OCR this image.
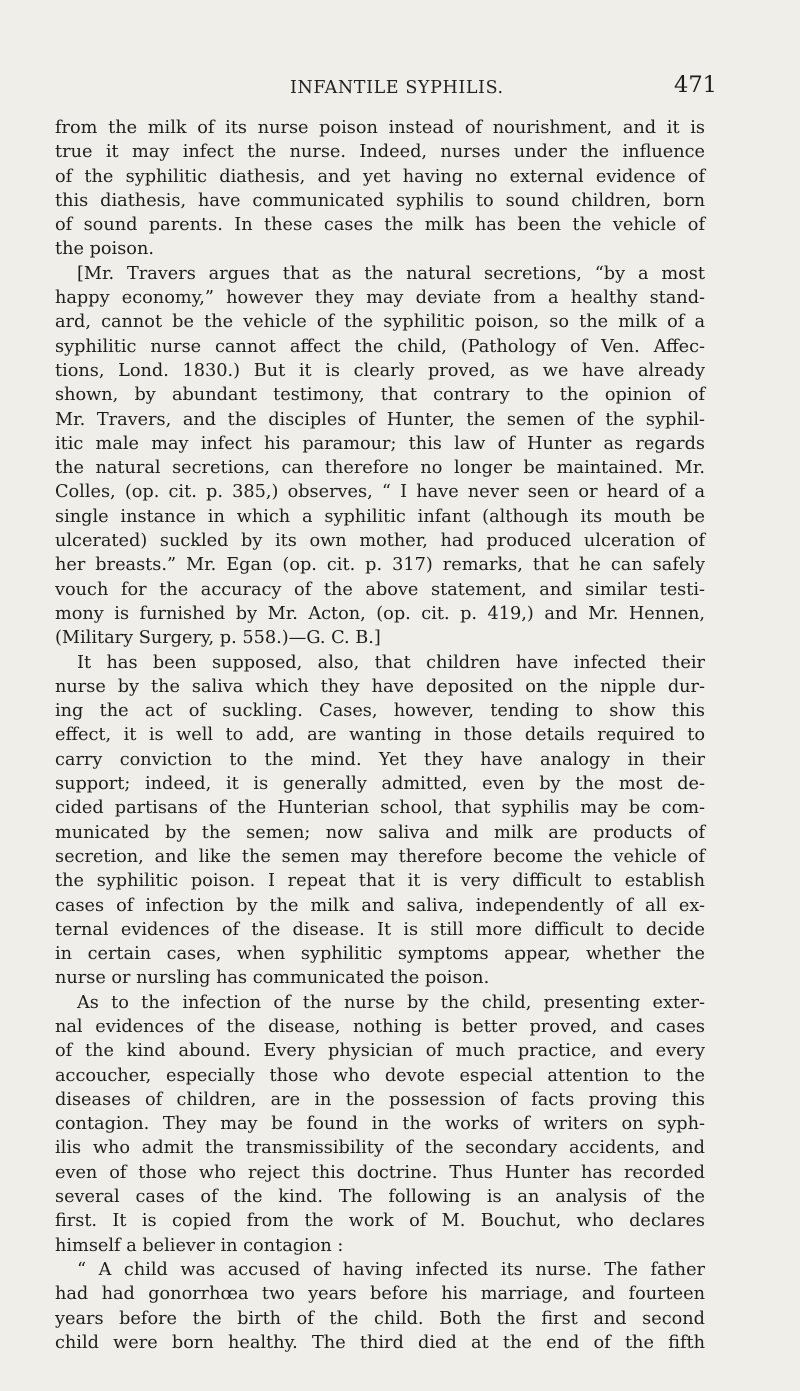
INFANTILE SYPHILIS.	471
from the milk of its nurse poison instead of nourishment, and it is
true it may infect the nurse. Indeed, nurses under the influence
of the syphilitic diathesis, and yet having no external evidence of
this diathesis, have communicated syphilis to sound children, born
of sound parents. In these cases the milk has been the vehicle of
the poison.
[Mr. Travers argues that as the natural secretions, “by a most
happy economy,” however they may deviate from a healthy stand-
ard, cannot be the vehicle of the syphilitic poison, so the milk of a
syphilitic nurse cannot affect the child, (Pathology of Ven. Affec-
tions, Lond. 1830.) But it is clearly proved, as we have already
shown, by abundant testimony, that contrary to the opinion of
Mr. Travers, and the disciples of Hunter, the semen of the syphil-
itic male may infect his paramour; this law of Hunter as regards
the natural secretions, can therefore no longer be maintained. Mr.
Colles, (op. cit. p. 385,) observes, “ I have never seen or heard of a
single instance in which a syphilitic infant (although its mouth be
ulcerated) suckled by its own mother, had produced ulceration of
her breasts.” Mr. Egan (op. cit. p. 317) remarks, that he can safely
vouch for the accuracy of the above statement, and similar testi-
mony is furnished by Mr. Acton, (op. cit. p. 419,) and Mr. Hennen,
(Military Surgery, p. 558.)—G. C. B.]
It has been supposed, also, that children have infected their
nurse by the saliva which they have deposited on the nipple dur-
ing the act of suckling. Cases, however, tending to show this
effect, it is well to add, are wanting in those details required to
carry conviction to the mind. Yet they have analogy in their
support; indeed, it is generally admitted, even by the most de-
cided partisans of the Hunterian school, that syphilis may be com-
municated by the semen; now saliva and milk are products of
secretion, and like the semen may therefore become the vehicle of
the syphilitic poison. I repeat that it is very difficult to establish
cases of infection by the milk and saliva, independently of all ex-
ternal evidences of the disease. It is still more difficult to decide
in certain cases, when syphilitic symptoms appear, whether the
nurse or nursling has communicated the poison.
As to the infection of the nurse by the child, presenting exter-
nal evidences of the disease, nothing is better proved, and cases
of the kind abound. Every physician of much practice, and every
accoucher, especially those who devote especial attention to the
diseases of children, are in the possession of facts proving this
contagion. They may be found in the works of writers on syph-
ilis who admit the transmissibility of the secondary accidents, and
even of those who reject this doctrine. Thus Hunter has recorded
several cases of the kind. The following is an analysis of the
first. It is copied from the work of M. Bouchut, who declares
himself a believer in contagion :
“ A child was accused of having infected its nurse. The father
had had gonorrhœa two years before his marriage, and fourteen
years before the birth of the child. Both the first and second
child were born healthy. The third died at the end of the fifth
